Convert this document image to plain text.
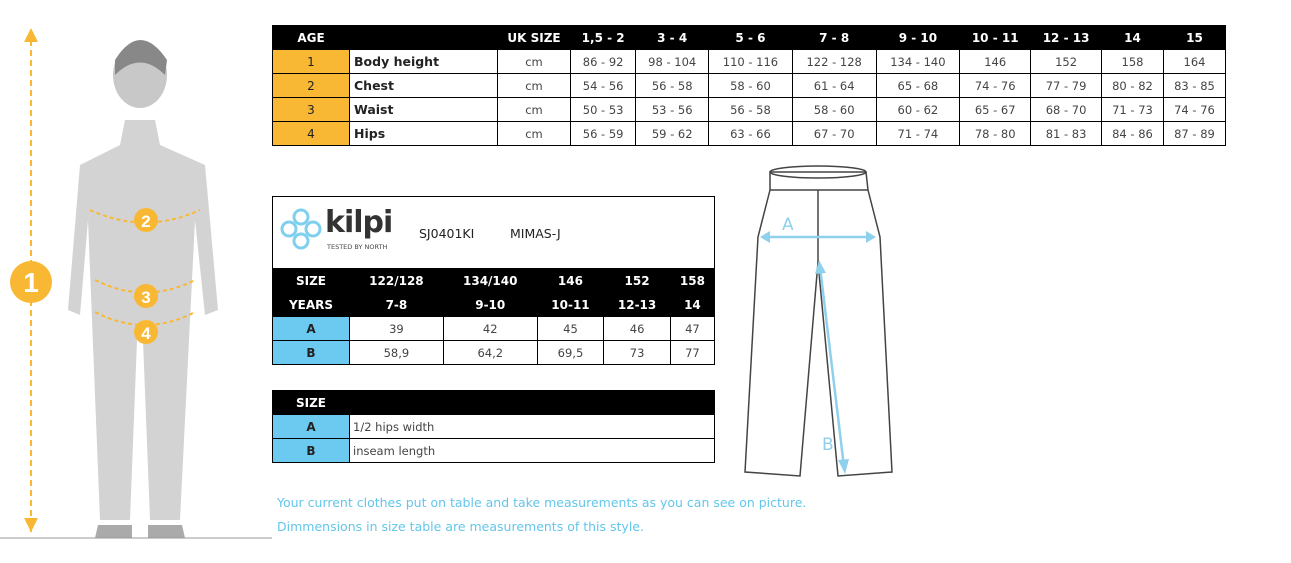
1
2
3
4
AGE		UK SIZE	1,5 - 2	3 - 4	5 - 6	7 - 8	9 - 10	10 - 11	12 - 13	14	15
1	Body height	cm	86 - 92	98 - 104	110 - 116	122 - 128	134 - 140	146	152	158	164
2	Chest	cm	54 - 56	56 - 58	58 - 60	61 - 64	65 - 68	74 - 76	77 - 79	80 - 82	83 - 85
3	Waist	cm	50 - 53	53 - 56	56 - 58	58 - 60	60 - 62	65 - 67	68 - 70	71 - 73	74 - 76
4	Hips	cm	56 - 59	59 - 62	63 - 66	67 - 70	71 - 74	78 - 80	81 - 83	84 - 86	87 - 89
kilpi
TESTED BY NORTH
SJ0401KI	MIMAS-J
SIZE	122/128	134/140	146	152	158
YEARS	7-8	9-10	10-11	12-13	14
A	39	42	45	46	47
B	58,9	64,2	69,5	73	77
SIZE	
A	1/2 hips width
B	inseam length
A
B
Your current clothes put on table and take measurements as you can see on picture.
Dimmensions in size table are measurements of this style.
